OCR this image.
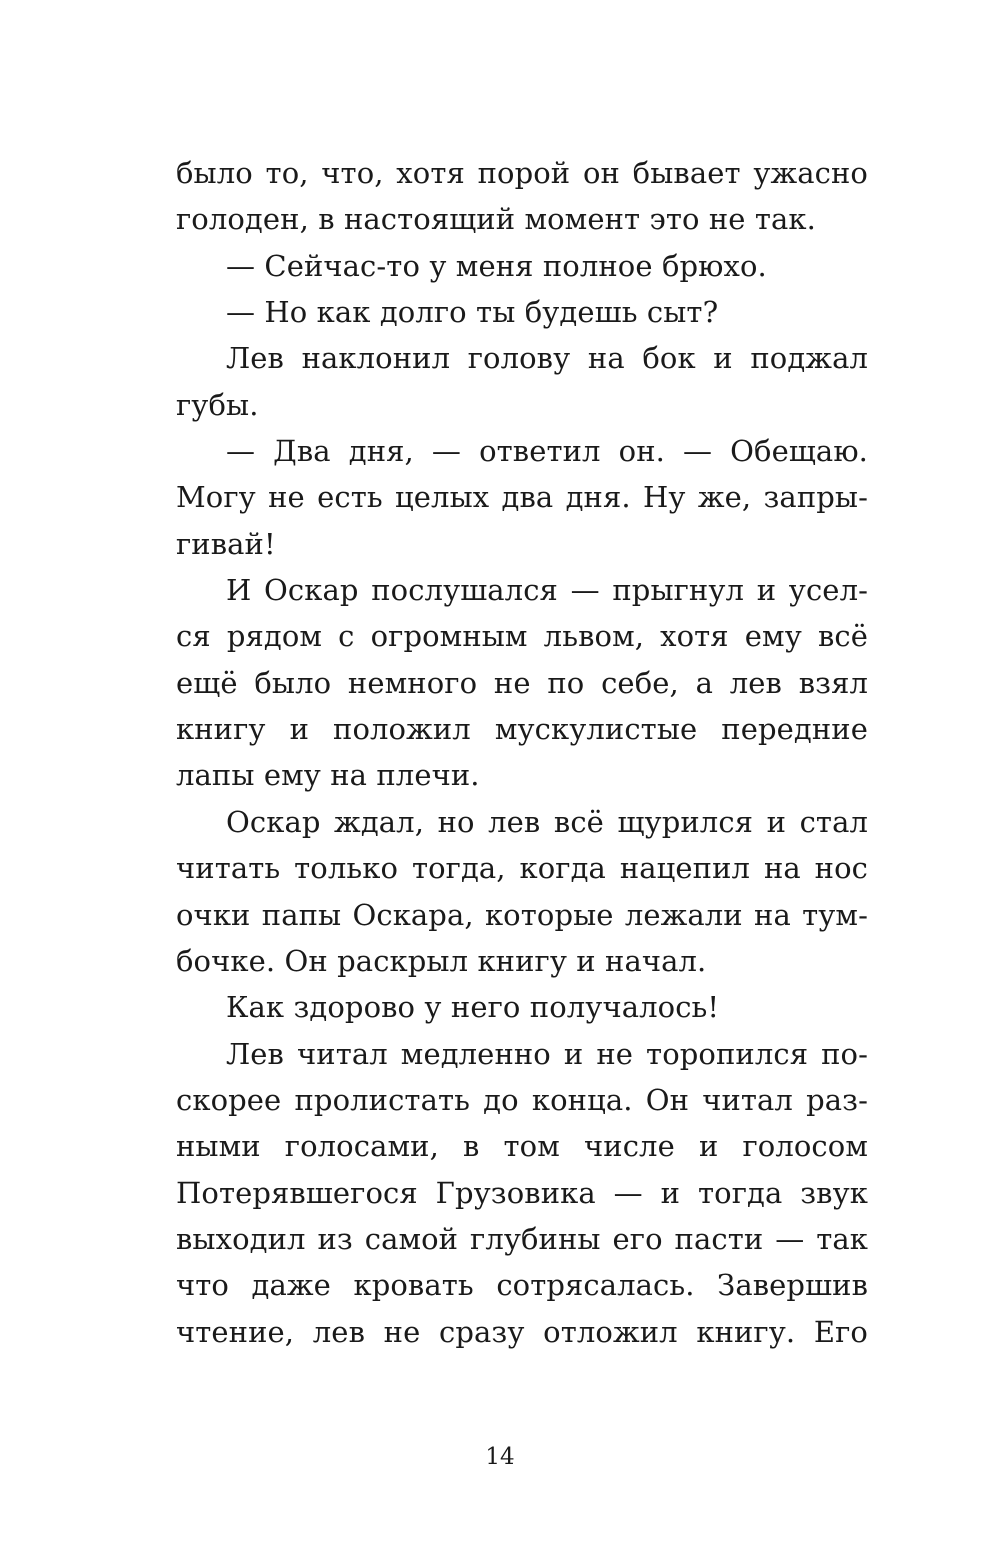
было то, что, хотя порой он бывает ужасно
голоден, в настоящий момент это не так.
— Сейчас-то у меня полное брюхо.
— Но как долго ты будешь сыт?
Лев наклонил голову на бок и поджал
губы.
— Два дня, — ответил он. — Обещаю.
Могу не есть целых два дня. Ну же, запры-
гивай!
И Оскар послушался — прыгнул и усел-
ся рядом с огромным львом, хотя ему всё
ещё было немного не по себе, а лев взял
книгу и положил мускулистые передние
лапы ему на плечи.
Оскар ждал, но лев всё щурился и стал
читать только тогда, когда нацепил на нос
очки папы Оскара, которые лежали на тум-
бочке. Он раскрыл книгу и начал.
Как здорово у него получалось!
Лев читал медленно и не торопился по-
скорее пролистать до конца. Он читал раз-
ными голосами, в том числе и голосом
Потерявшегося Грузовика — и тогда звук
выходил из самой глубины его пасти — так
что даже кровать сотрясалась. Завершив
чтение, лев не сразу отложил книгу. Его
14
